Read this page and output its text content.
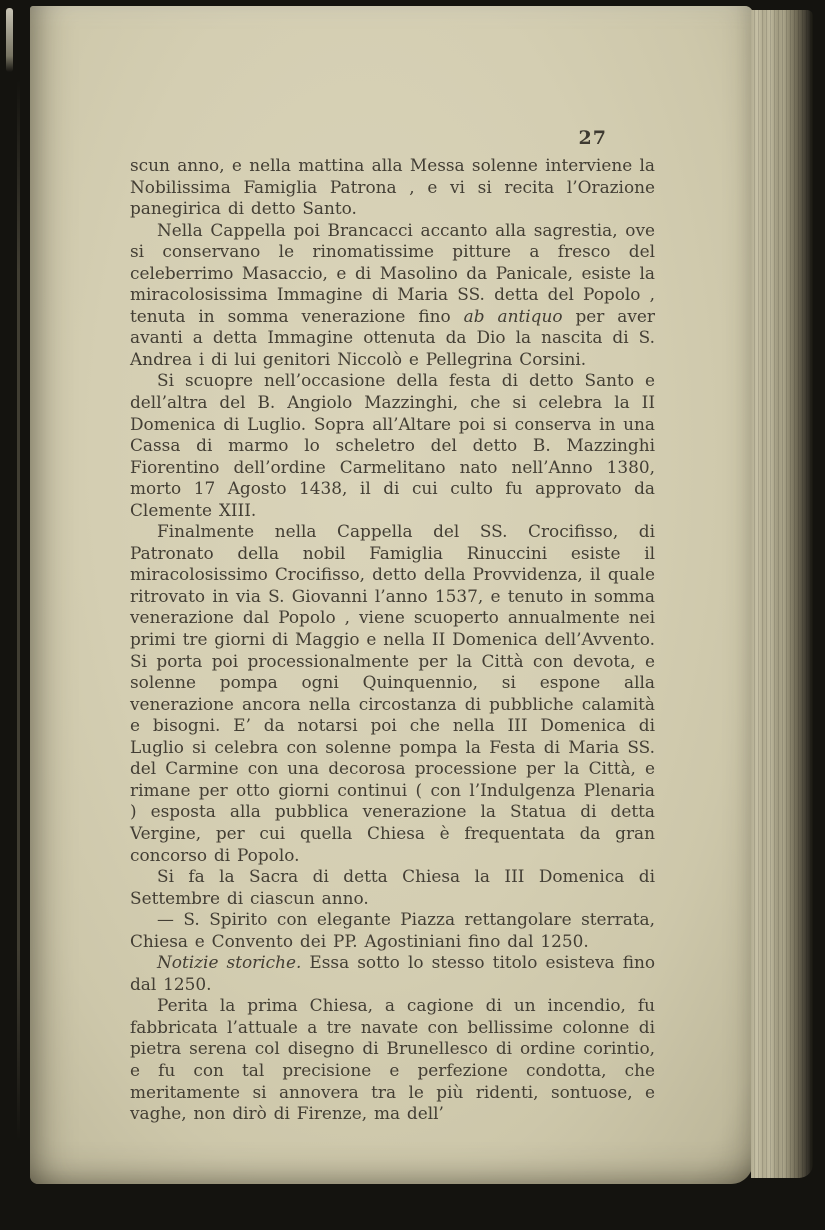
27

scun anno, e nella mattina alla Messa solenne interviene la Nobilissima Famiglia Patrona , e vi si recita l’Orazione panegirica di detto Santo.

Nella Cappella poi Brancacci accanto alla sagrestia, ove si conservano le rinomatissime pitture a fresco del celeberrimo Masaccio, e di Masolino da Panicale, esiste la miracolosissima Immagine di Maria SS. detta del Popolo , tenuta in somma venerazione fino ab antiquo per aver avanti a detta Immagine ottenuta da Dio la nascita di S. Andrea i di lui genitori Niccolò e Pellegrina Corsini.

Si scuopre nell’occasione della festa di detto Santo e dell’altra del B. Angiolo Mazzinghi, che si celebra la II Domenica di Luglio. Sopra all’Altare poi si conserva in una Cassa di marmo lo scheletro del detto B. Mazzinghi Fiorentino dell’ordine Carmelitano nato nell’Anno 1380, morto 17 Agosto 1438, il di cui culto fu approvato da Clemente XIII.

Finalmente nella Cappella del SS. Crocifisso, di Patronato della nobil Famiglia Rinuccini esiste il miracolosissimo Crocifisso, detto della Provvidenza, il quale ritrovato in via S. Giovanni l’anno 1537, e tenuto in somma venerazione dal Popolo , viene scuoperto annualmente nei primi tre giorni di Maggio e nella II Domenica dell’Avvento. Si porta poi processionalmente per la Città con devota, e solenne pompa ogni Quinquennio, si espone alla venerazione ancora nella circostanza di pubbliche calamità e bisogni. E’ da notarsi poi che nella III Domenica di Luglio si celebra con solenne pompa la Festa di Maria SS. del Carmine con una decorosa processione per la Città, e rimane per otto giorni continui ( con l’Indulgenza Plenaria ) esposta alla pubblica venerazione la Statua di detta Vergine, per cui quella Chiesa è frequentata da gran concorso di Popolo.

Si fa la Sacra di detta Chiesa la III Domenica di Settembre di ciascun anno.

— S. Spirito con elegante Piazza rettangolare sterrata, Chiesa e Convento dei PP. Agostiniani fino dal 1250.

Notizie storiche. Essa sotto lo stesso titolo esisteva fino dal 1250.

Perita la prima Chiesa, a cagione di un incendio, fu fabbricata l’attuale a tre navate con bellissime colonne di pietra serena col disegno di Brunellesco di ordine corintio, e fu con tal precisione e perfezione condotta, che meritamente si annovera tra le più ridenti, sontuose, e vaghe, non dirò di Firenze, ma dell’
